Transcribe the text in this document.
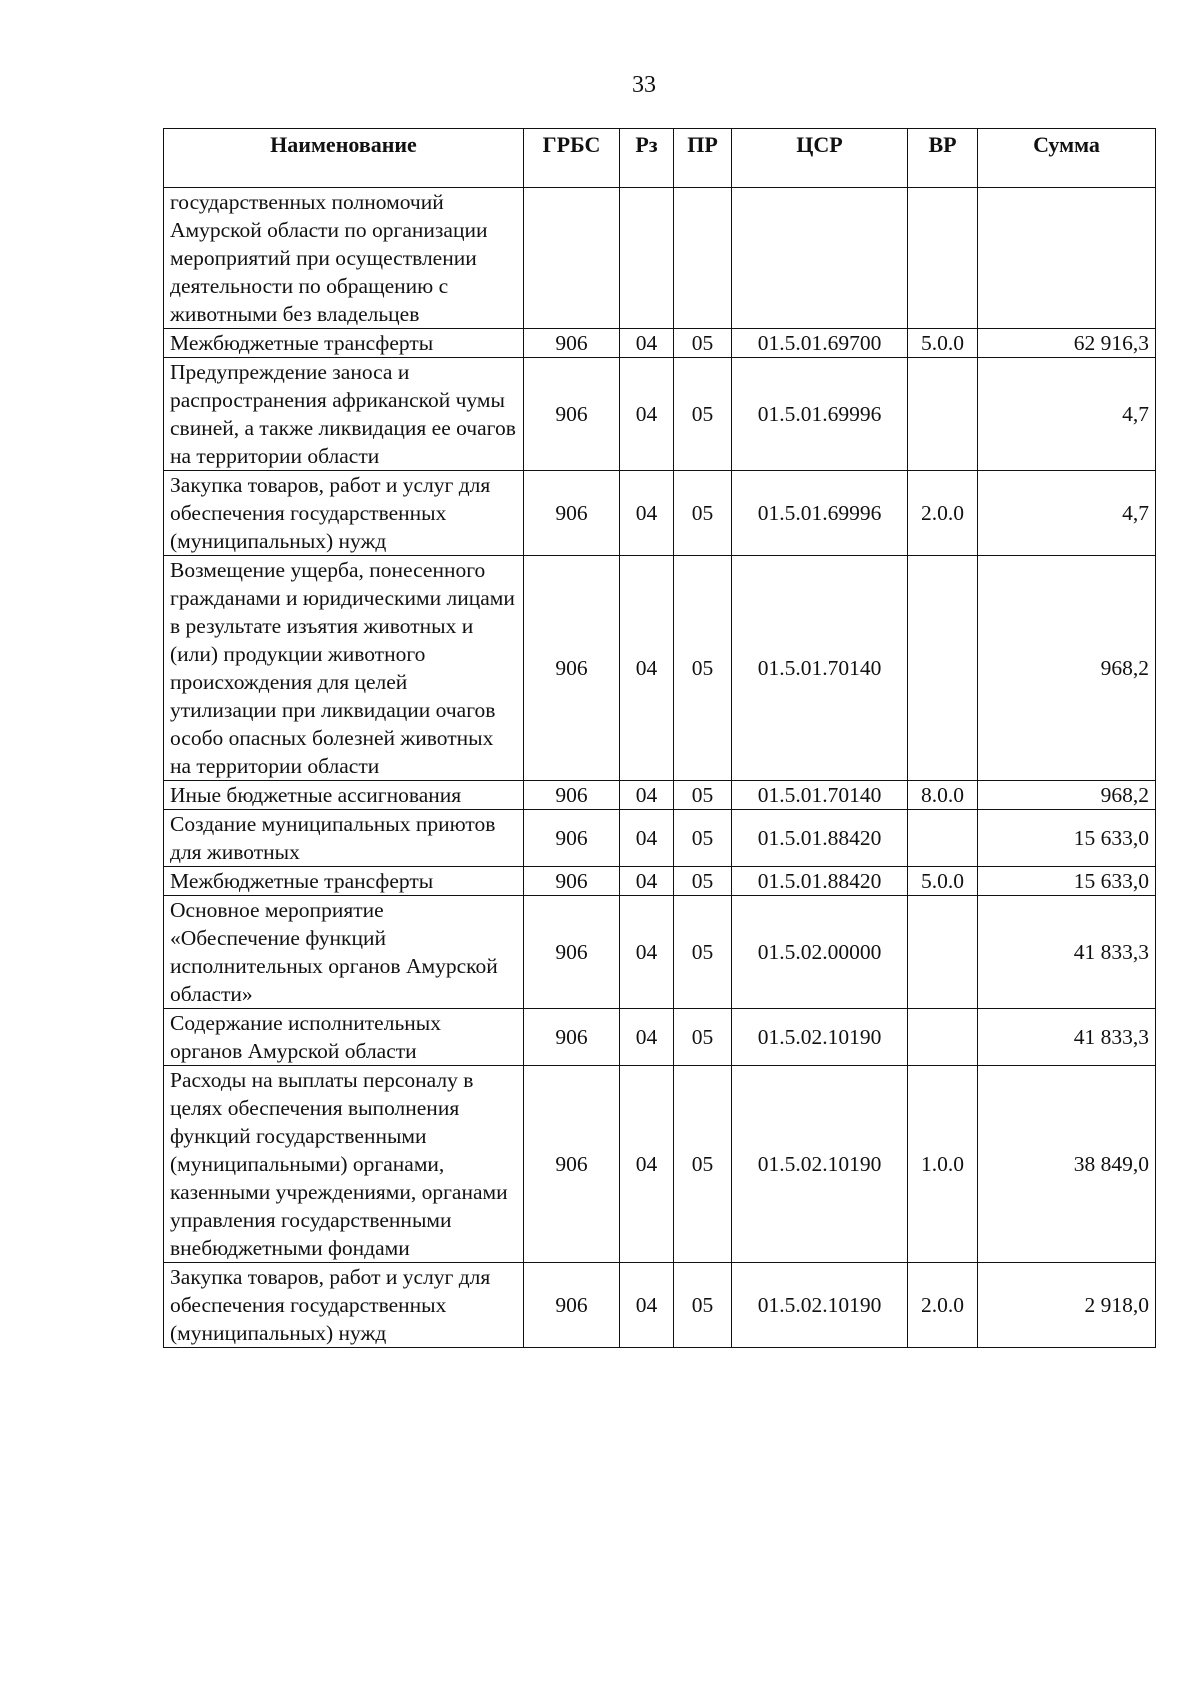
33
Наименование	ГРБС	Рз	ПР	ЦСР	ВР	Сумма
государственных полномочий Амурской области по организации мероприятий при осуществлении деятельности по обращению с животными без владельцев						
Межбюджетные трансферты	906	04	05	01.5.01.69700	5.0.0	62 916,3
Предупреждение заноса и распространения африканской чумы свиней, а также ликвидация ее очагов на территории области	906	04	05	01.5.01.69996		4,7
Закупка товаров, работ и услуг для обеспечения государственных (муниципальных) нужд	906	04	05	01.5.01.69996	2.0.0	4,7
Возмещение ущерба, понесенного гражданами и юридическими лицами в результате изъятия животных и (или) продукции животного происхождения для целей утилизации при ликвидации очагов особо опасных болезней животных на территории области	906	04	05	01.5.01.70140		968,2
Иные бюджетные ассигнования	906	04	05	01.5.01.70140	8.0.0	968,2
Создание муниципальных приютов для животных	906	04	05	01.5.01.88420		15 633,0
Межбюджетные трансферты	906	04	05	01.5.01.88420	5.0.0	15 633,0
Основное мероприятие «Обеспечение функций исполнительных органов Амурской области»	906	04	05	01.5.02.00000		41 833,3
Содержание исполнительных органов Амурской области	906	04	05	01.5.02.10190		41 833,3
Расходы на выплаты персоналу в целях обеспечения выполнения функций государственными (муниципальными) органами, казенными учреждениями, органами управления государственными внебюджетными фондами	906	04	05	01.5.02.10190	1.0.0	38 849,0
Закупка товаров, работ и услуг для обеспечения государственных (муниципальных) нужд	906	04	05	01.5.02.10190	2.0.0	2 918,0
